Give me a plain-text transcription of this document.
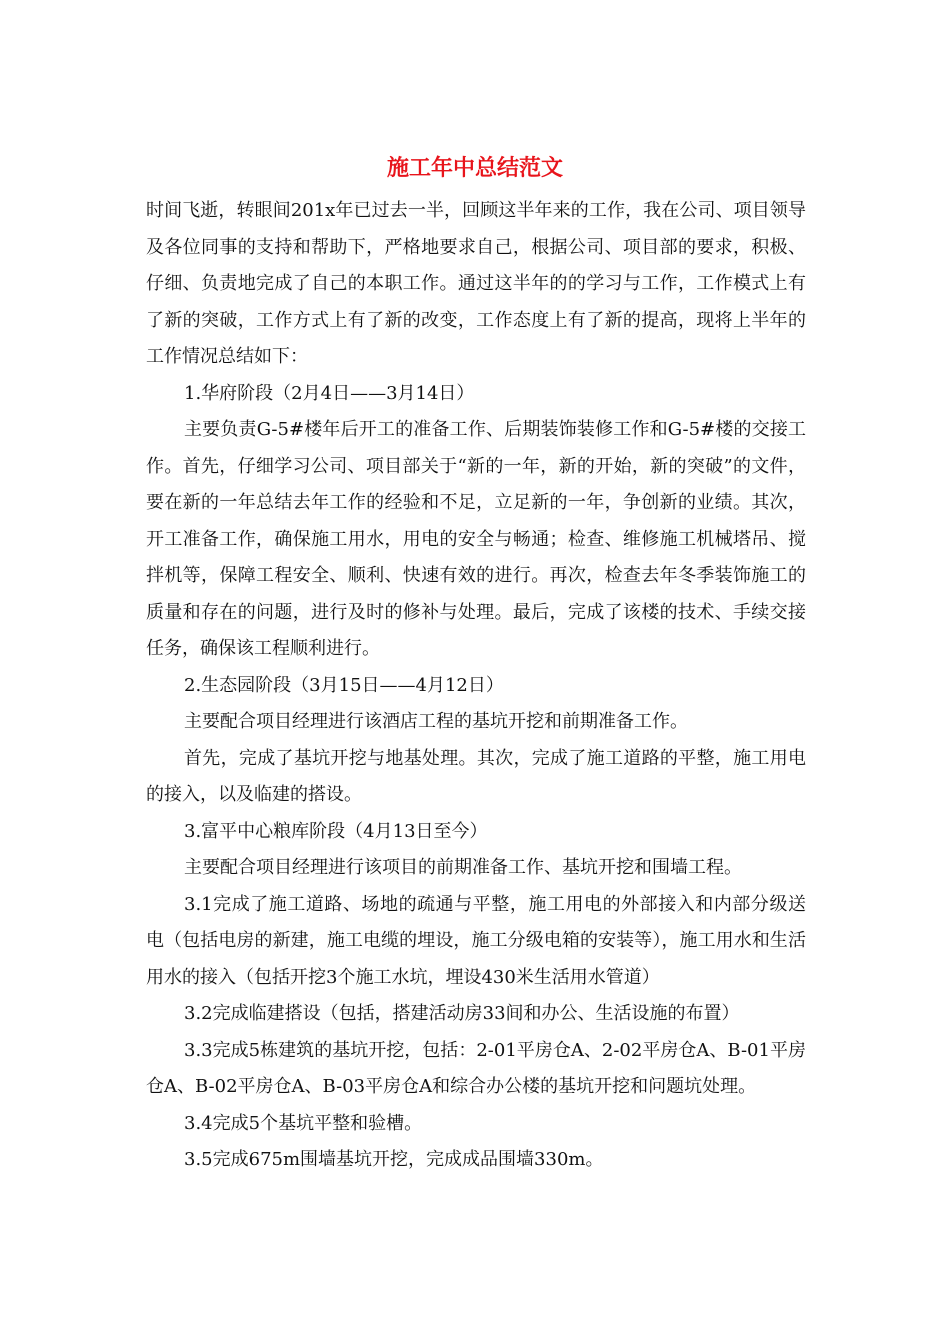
施工年中总结范文

时间飞逝，转眼间201x年已过去一半，回顾这半年来的工作，我在公司、项目领导及各位同事的支持和帮助下，严格地要求自己，根据公司、项目部的要求，积极、仔细、负责地完成了自己的本职工作。通过这半年的的学习与工作，工作模式上有了新的突破，工作方式上有了新的改变，工作态度上有了新的提高，现将上半年的工作情况总结如下：

1.华府阶段（2月4日——3月14日）

主要负责G-5#楼年后开工的准备工作、后期装饰装修工作和G-5#楼的交接工作。首先，仔细学习公司、项目部关于“新的一年，新的开始，新的突破”的文件，要在新的一年总结去年工作的经验和不足，立足新的一年，争创新的业绩。其次，开工准备工作，确保施工用水，用电的安全与畅通；检查、维修施工机械塔吊、搅拌机等，保障工程安全、顺利、快速有效的进行。再次，检查去年冬季装饰施工的质量和存在的问题，进行及时的修补与处理。最后，完成了该楼的技术、手续交接任务，确保该工程顺利进行。

2.生态园阶段（3月15日——4月12日）

主要配合项目经理进行该酒店工程的基坑开挖和前期准备工作。

首先，完成了基坑开挖与地基处理。其次，完成了施工道路的平整，施工用电的接入，以及临建的搭设。

3.富平中心粮库阶段（4月13日至今）

主要配合项目经理进行该项目的前期准备工作、基坑开挖和围墙工程。

3.1完成了施工道路、场地的疏通与平整，施工用电的外部接入和内部分级送电（包括电房的新建，施工电缆的埋设，施工分级电箱的安装等），施工用水和生活用水的接入（包括开挖3个施工水坑，埋设430米生活用水管道）

3.2完成临建搭设（包括，搭建活动房33间和办公、生活设施的布置）

3.3完成5栋建筑的基坑开挖，包括：2-01平房仓A、2-02平房仓A、B-01平房仓A、B-02平房仓A、B-03平房仓A和综合办公楼的基坑开挖和问题坑处理。

3.4完成5个基坑平整和验槽。

3.5完成675m围墙基坑开挖，完成成品围墙330m。
